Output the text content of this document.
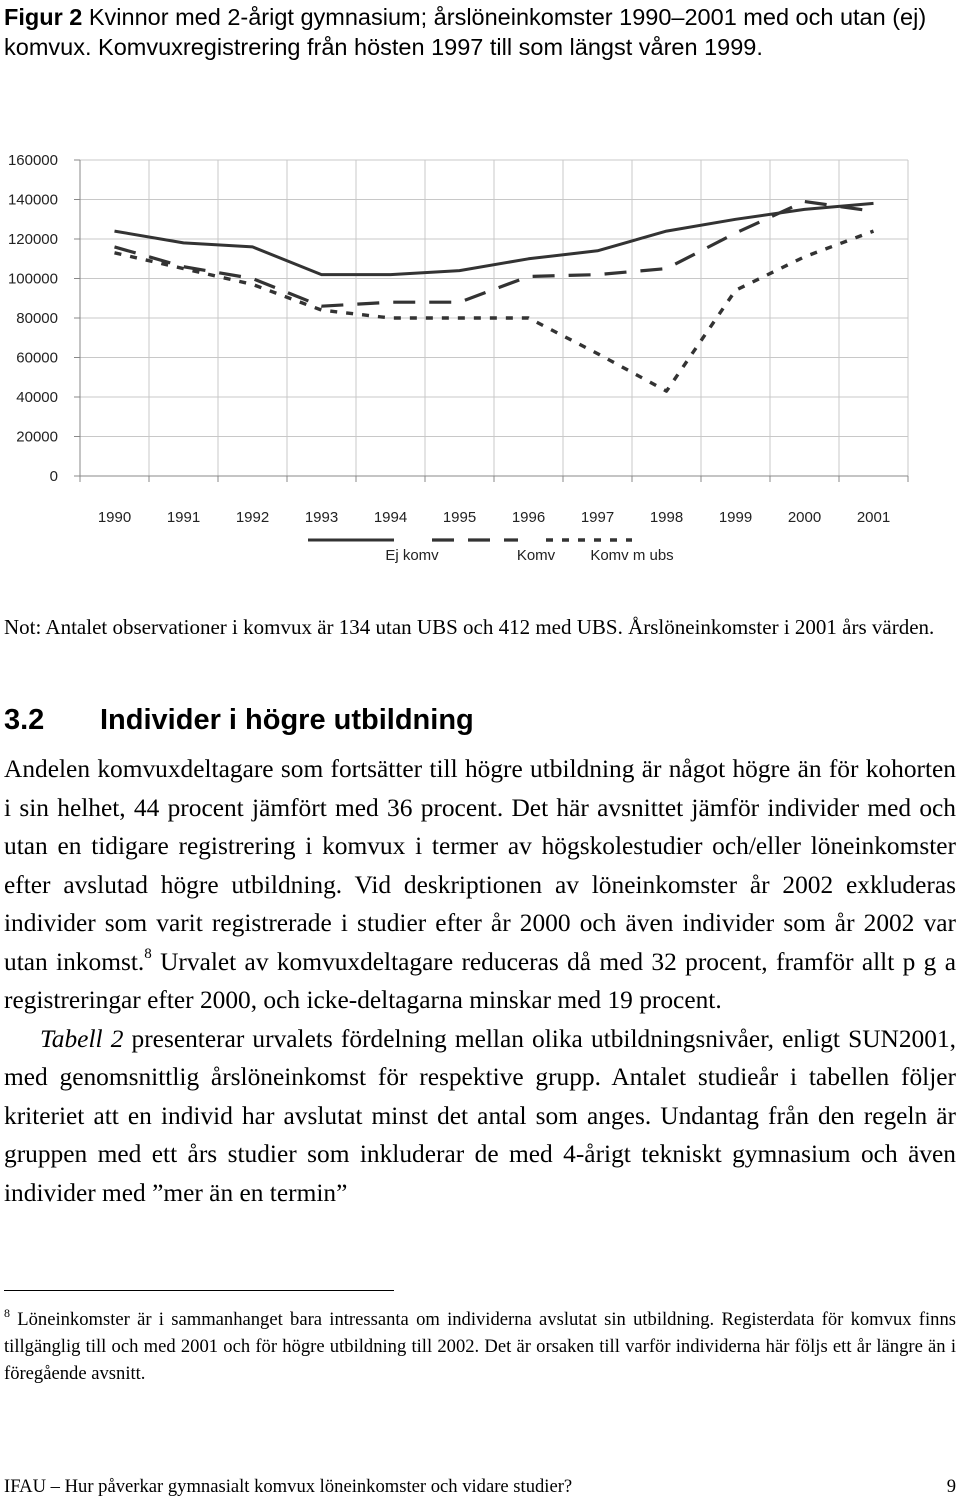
Figur 2 Kvinnor med 2-årigt gymnasium; årslöneinkomster 1990–2001 med och utan (ej) komvux. Komvuxregistrering från hösten 1997 till som längst våren 1999.
0
20000
40000
60000
80000
100000
120000
140000
160000
1990 1991 1992 1993 1994 1995 1996 1997 1998 1999 2000 2001
Ej komv	Komv Komv m ubs
Not: Antalet observationer i komvux är 134 utan UBS och 412 med UBS. Årslöneinkomster i 2001 års värden.
3.2 Individer i högre utbildning

Andelen komvuxdeltagare som fortsätter till högre utbildning är något högre än för kohorten i sin helhet, 44 procent jämfört med 36 procent. Det här avsnittet jämför individer med och utan en tidigare registrering i komvux i termer av högskolestudier och/eller löneinkomster efter avslutad högre utbildning. Vid deskriptionen av löneinkomster år 2002 exkluderas individer som varit registrerade i studier efter år 2000 och även individer som år 2002 var utan inkomst.$^8$ Urvalet av komvuxdeltagare reduceras då med 32 procent, framför allt p g a registreringar efter 2000, och icke-deltagarna minskar med 19 procent.

Tabell 2 presenterar urvalets fördelning mellan olika utbildningsnivåer, enligt SUN2001, med genomsnittlig årslöneinkomst för respektive grupp. Antalet studieår i tabellen följer kriteriet att en individ har avslutat minst det antal som anges. Undantag från den regeln är gruppen med ett års studier som inkluderar de med 4-årigt tekniskt gymnasium och även individer med ”mer än en termin”

$^8$ Löneinkomster är i sammanhanget bara intressanta om individerna avslutat sin utbildning. Registerdata för komvux finns tillgänglig till och med 2001 och för högre utbildning till 2002. Det är orsaken till varför individerna här följs ett år längre än i föregående avsnitt.
IFAU – Hur påverkar gymnasialt komvux löneinkomster och vidare studier?	9
